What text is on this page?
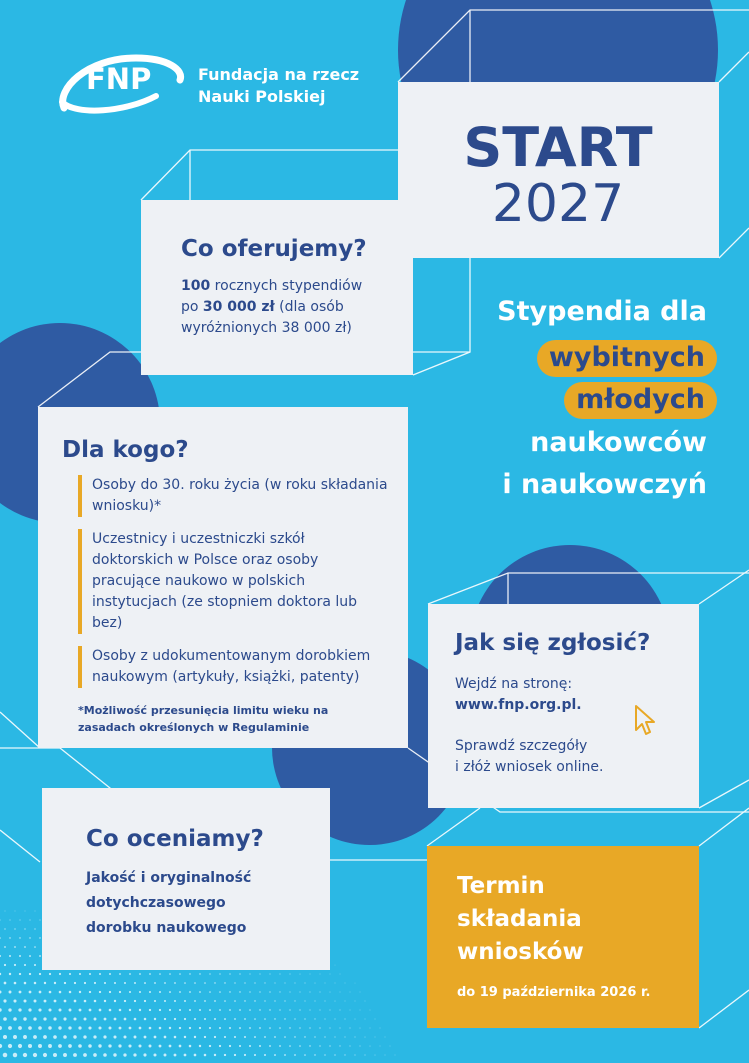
FNP	Fundacja na rzecz
Nauki Polskiej
START
2027
Stypendia dla
wybitnych
młodych
naukowców
i naukowczyń
Co oferujemy?
100 rocznych stypendiów
po 30 000 zł (dla osób
wyróżnionych 38 000 zł)
Dla kogo?
Osoby do 30. roku życia (w roku składania wniosku)*
Uczestnicy i uczestniczki szkół doktorskich w Polsce oraz osoby pracujące naukowo w polskich instytucjach (ze stopniem doktora lub bez)
Osoby z udokumentowanym dorobkiem naukowym (artykuły, książki, patenty)
*Możliwość przesunięcia limitu wieku na zasadach określonych w Regulaminie
Jak się zgłosić?
Wejdź na stronę:
www.fnp.org.pl.
Sprawdź szczegóły
i złóż wniosek online.
Co oceniamy?
Jakość i oryginalność
dotychczasowego
dorobku naukowego
Termin
składania
wniosków
do 19 października 2026 r.
